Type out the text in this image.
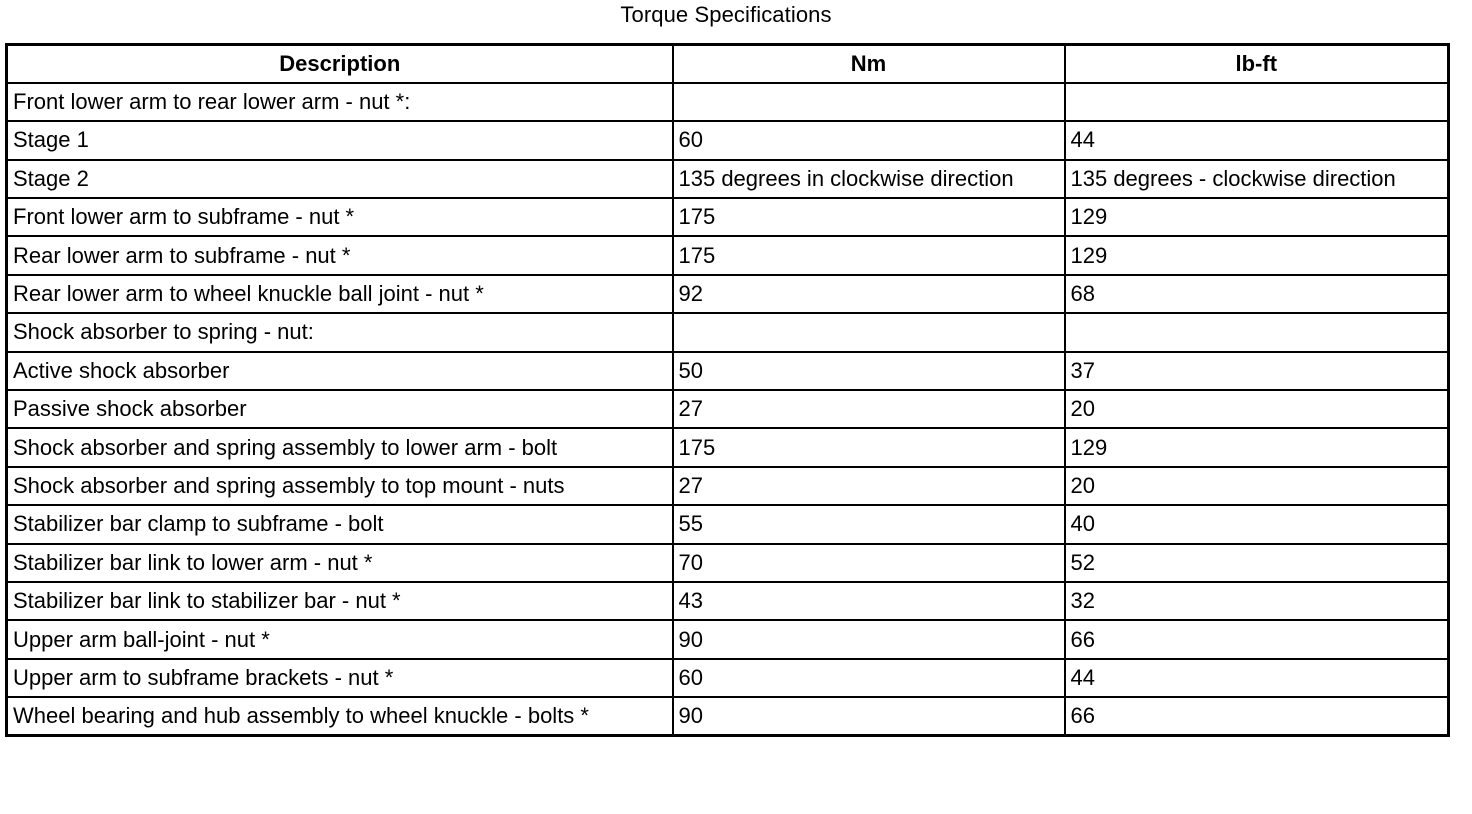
Torque Specifications
Description	Nm	lb-ft
Front lower arm to rear lower arm - nut *:		
Stage 1	60	44
Stage 2	135 degrees in clockwise direction	135 degrees - clockwise direction
Front lower arm to subframe - nut *	175	129
Rear lower arm to subframe - nut *	175	129
Rear lower arm to wheel knuckle ball joint - nut *	92	68
Shock absorber to spring - nut:		
Active shock absorber	50	37
Passive shock absorber	27	20
Shock absorber and spring assembly to lower arm - bolt	175	129
Shock absorber and spring assembly to top mount - nuts	27	20
Stabilizer bar clamp to subframe - bolt	55	40
Stabilizer bar link to lower arm - nut *	70	52
Stabilizer bar link to stabilizer bar - nut *	43	32
Upper arm ball-joint - nut *	90	66
Upper arm to subframe brackets - nut *	60	44
Wheel bearing and hub assembly to wheel knuckle - bolts *	90	66
